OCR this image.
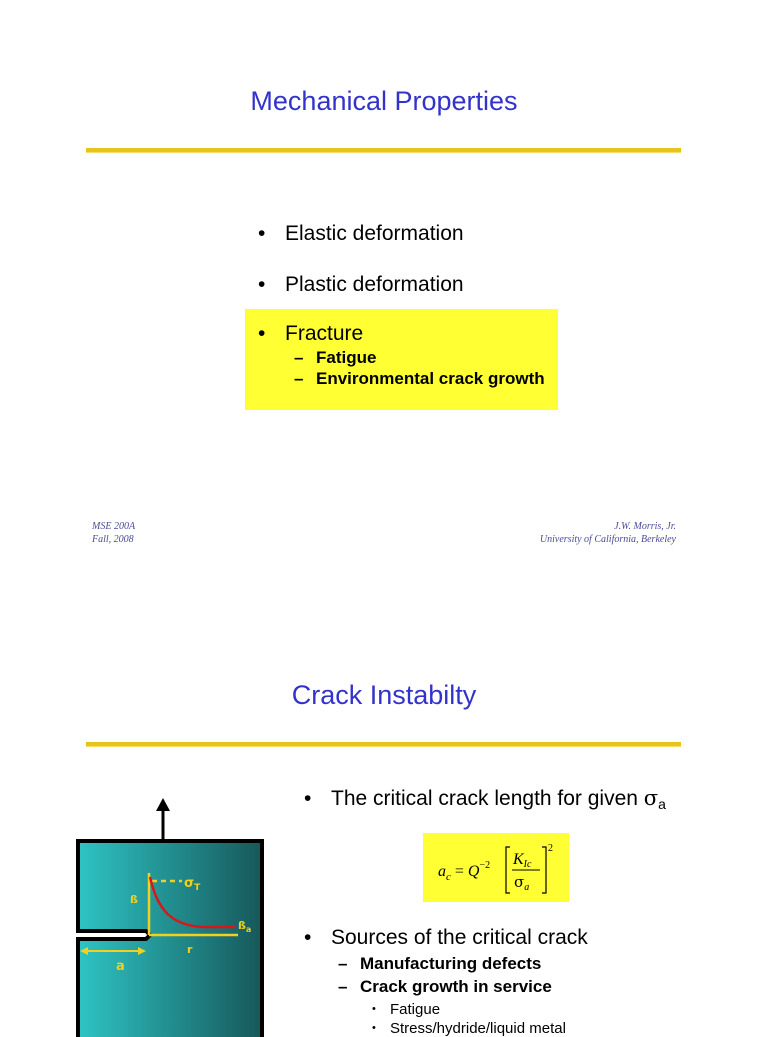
Mechanical Properties
• Elastic deformation
• Plastic deformation
• Fracture
– Fatigue
– Environmental crack growth
MSE 200A
Fall, 2008
J.W. Morris, Jr.
University of California, Berkeley
Crack Instabilty
$\sigma_T$
ß
$ß_a$
r
a
• The critical crack length for given $\sigma_a$
$a_c = Q^{-2}$ KIc
$\sigma_a$
2
• Sources of the critical crack
– Manufacturing defects
– Crack growth in service
• Fatigue
• Stress/hydride/liquid metal
